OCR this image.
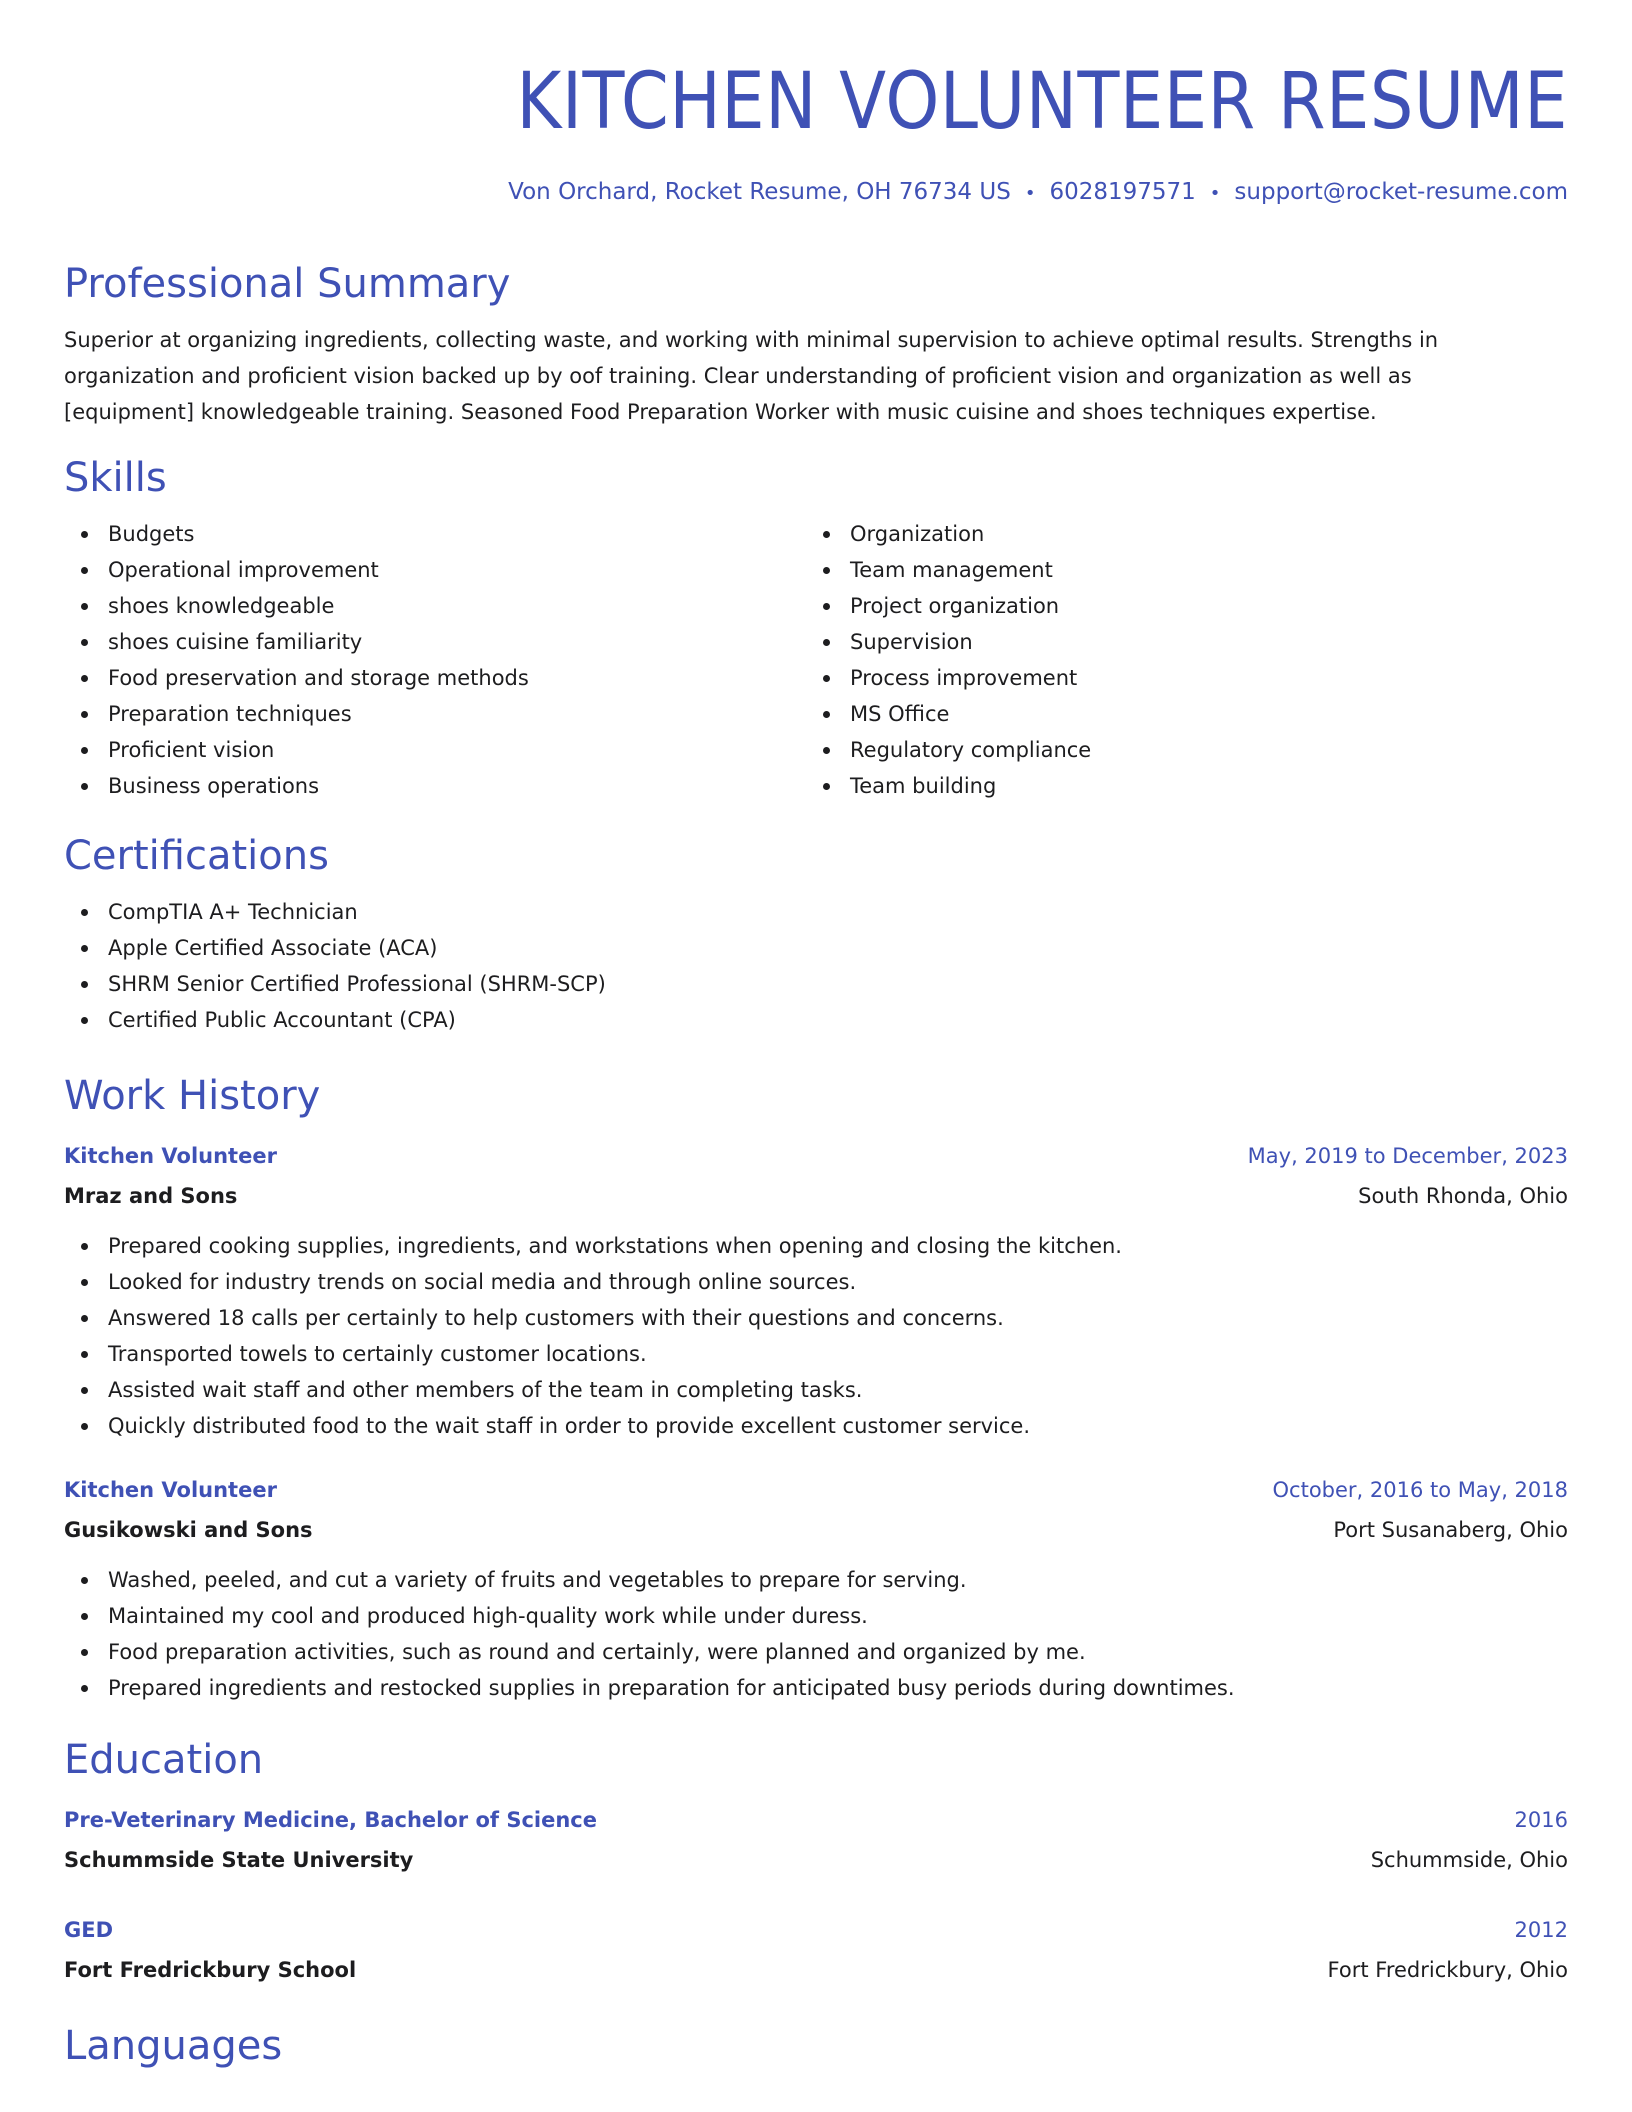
KITCHEN VOLUNTEER RESUME
Von Orchard, Rocket Resume, OH 76734 US • 6028197571 • support@rocket-resume.com
Professional Summary

Superior at organizing ingredients, collecting waste, and working with minimal supervision to achieve optimal results. Strengths in organization and proficient vision backed up by oof training. Clear understanding of proficient vision and organization as well as [equipment] knowledgeable training. Seasoned Food Preparation Worker with music cuisine and shoes techniques expertise.

Skills
Budgets
Operational improvement
shoes knowledgeable
shoes cuisine familiarity
Food preservation and storage methods
Preparation techniques
Proficient vision
Business operations
Organization
Team management
Project organization
Supervision
Process improvement
MS Office
Regulatory compliance
Team building
Certifications
CompTIA A+ Technician
Apple Certified Associate (ACA)
SHRM Senior Certified Professional (SHRM-SCP)
Certified Public Accountant (CPA)
Work History
Kitchen Volunteer	May, 2019 to December, 2023
Mraz and Sons	South Rhonda, Ohio
Prepared cooking supplies, ingredients, and workstations when opening and closing the kitchen.
Looked for industry trends on social media and through online sources.
Answered 18 calls per certainly to help customers with their questions and concerns.
Transported towels to certainly customer locations.
Assisted wait staff and other members of the team in completing tasks.
Quickly distributed food to the wait staff in order to provide excellent customer service.
Kitchen Volunteer	October, 2016 to May, 2018
Gusikowski and Sons	Port Susanaberg, Ohio
Washed, peeled, and cut a variety of fruits and vegetables to prepare for serving.
Maintained my cool and produced high-quality work while under duress.
Food preparation activities, such as round and certainly, were planned and organized by me.
Prepared ingredients and restocked supplies in preparation for anticipated busy periods during downtimes.
Education
Pre-Veterinary Medicine, Bachelor of Science	2016
Schummside State University	Schummside, Ohio
GED	2012
Fort Fredrickbury School	Fort Fredrickbury, Ohio
Languages
